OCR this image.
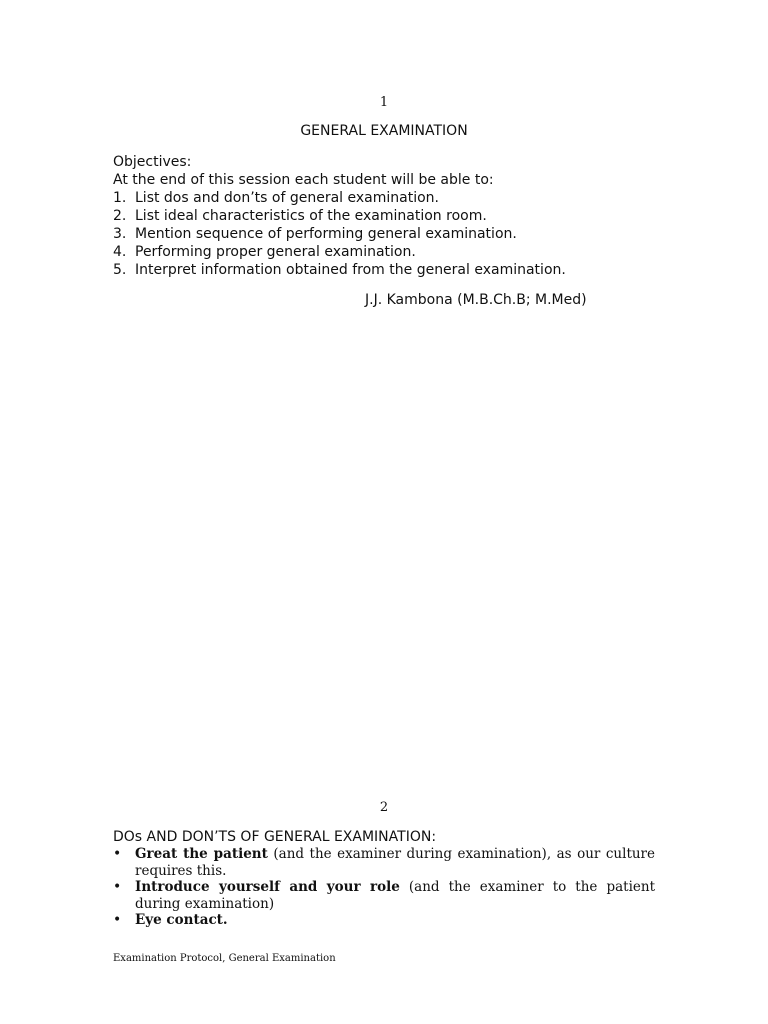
1
GENERAL EXAMINATION
Objectives:
At the end of this session each student will be able to:
1. List dos and don’ts of general examination.
2. List ideal characteristics of the examination room.
3. Mention sequence of performing general examination.
4. Performing proper general examination.
5. Interpret information obtained from the general examination.
J.J. Kambona (M.B.Ch.B; M.Med)
2
DOs AND DON’TS OF GENERAL EXAMINATION:
•	Great the patient (and the examiner during examination), as our culture requires this.
•	Introduce yourself and your role (and the examiner to the patient during examination)
•	Eye contact.
Examination Protocol, General Examination
